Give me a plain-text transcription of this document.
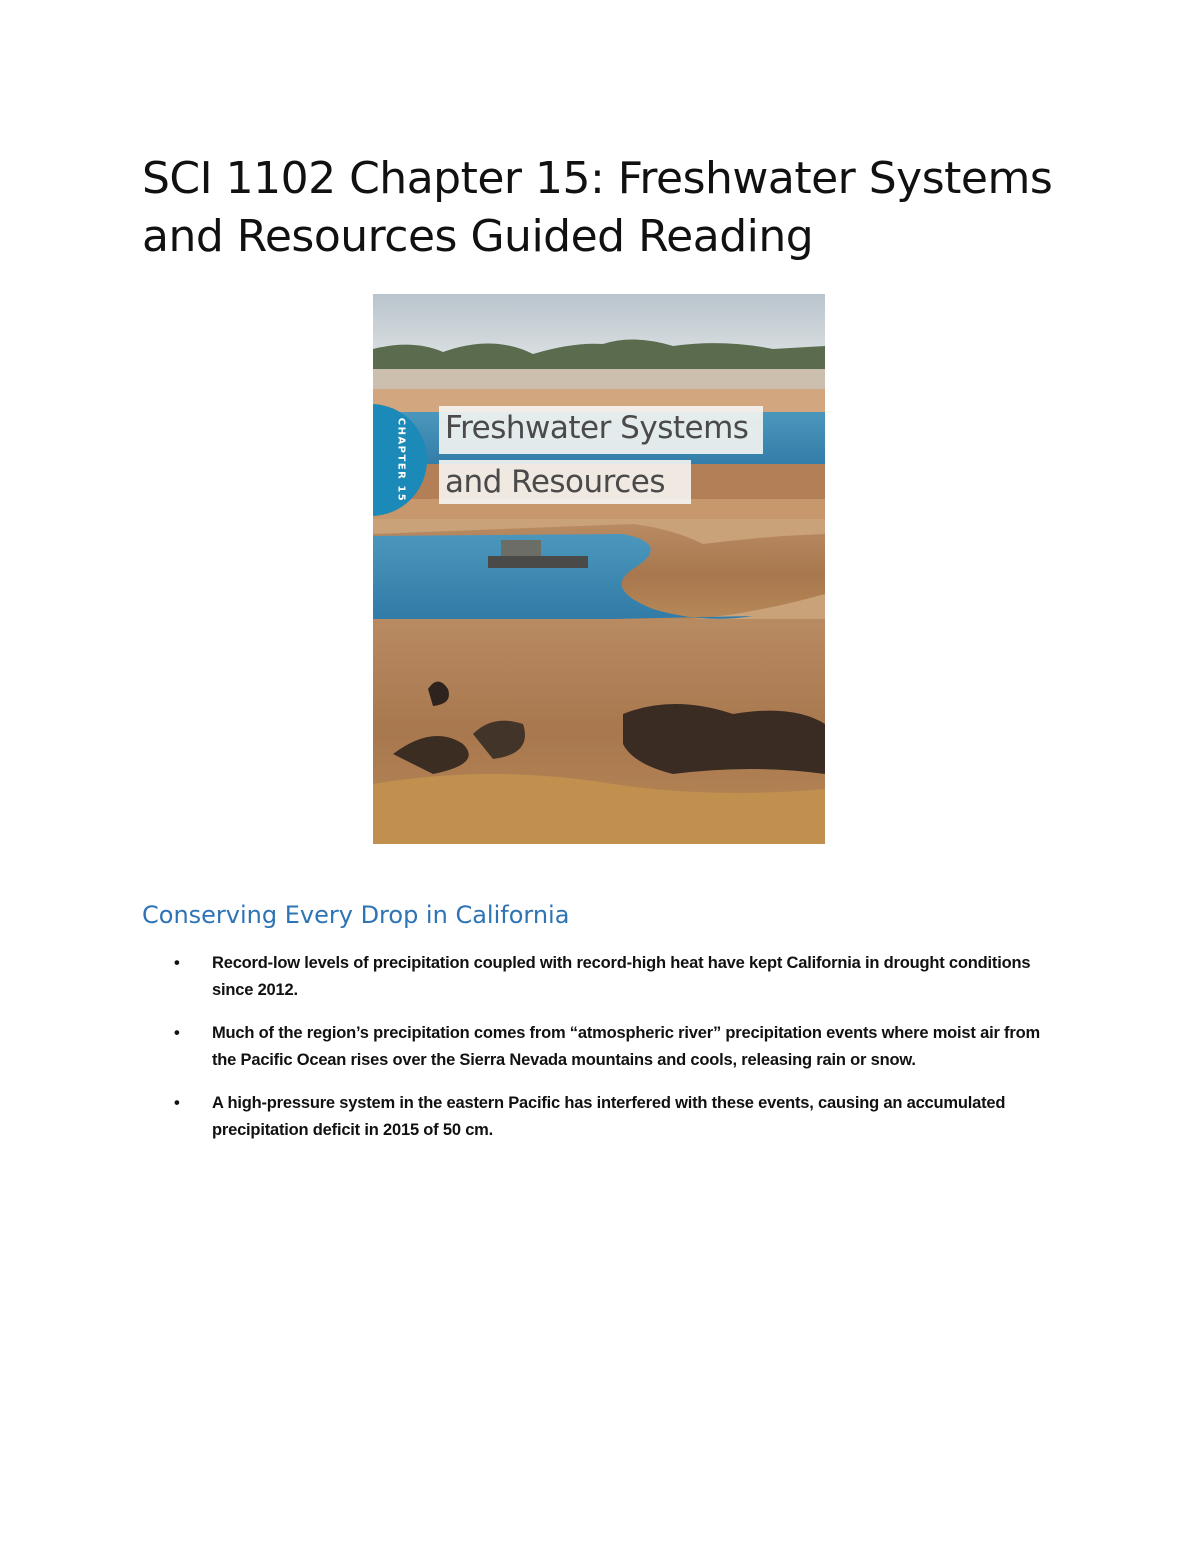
SCI 1102 Chapter 15: Freshwater Systems and Resources Guided Reading
CHAPTER 15 Freshwater Systems
and Resources
Conserving Every Drop in California
• Record-low levels of precipitation coupled with record-high heat have kept California in drought conditions since 2012.
• Much of the region’s precipitation comes from “atmospheric river” precipitation events where moist air from the Pacific Ocean rises over the Sierra Nevada mountains and cools, releasing rain or snow.
• A high-pressure system in the eastern Pacific has interfered with these events, causing an accumulated precipitation deficit in 2015 of 50 cm.
